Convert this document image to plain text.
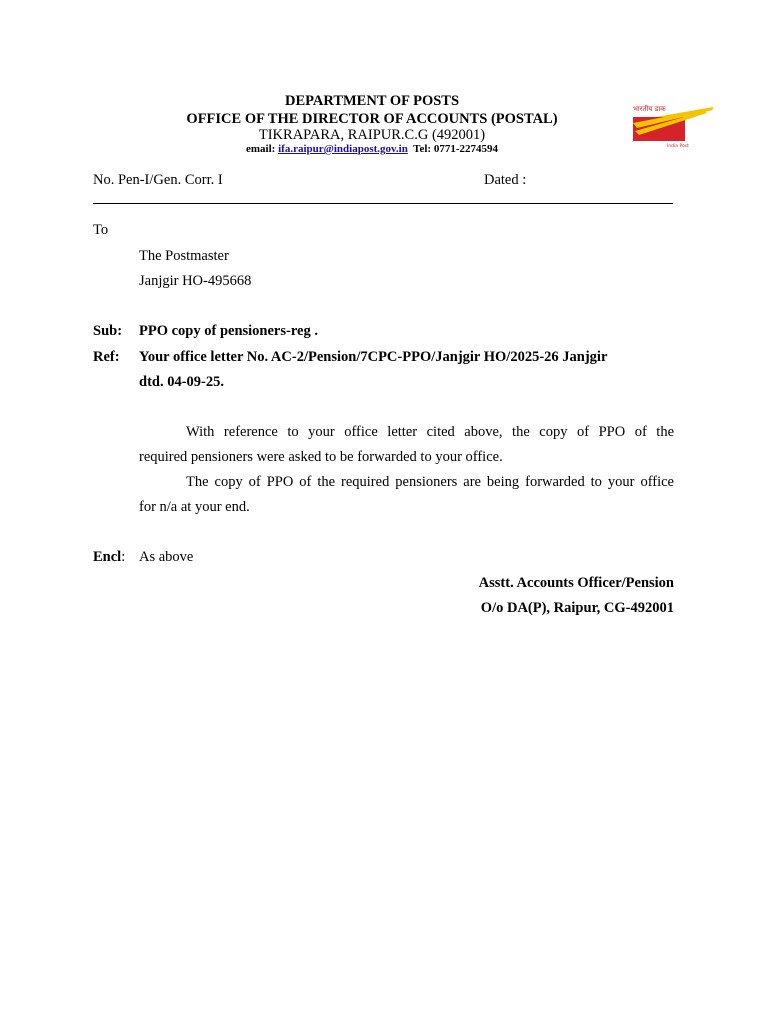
DEPARTMENT OF POSTS
OFFICE OF THE DIRECTOR OF ACCOUNTS (POSTAL)
TIKRAPARA, RAIPUR.C.G (492001)
email: ifa.raipur@indiapost.gov.in Tel: 0771-2274594
भारतीय डाक
India Post
No. Pen-I/Gen. Corr. I	Dated :
To
The Postmaster
Janjgir HO-495668
Sub: PPO copy of pensioners-reg .
Ref: Your office letter No. AC-2/Pension/7CPC-PPO/Janjgir HO/2025-26 Janjgir
dtd. 04-09-25.
With reference to your office letter cited above, the copy of PPO of the
required pensioners were asked to be forwarded to your office.
The copy of PPO of the required pensioners are being forwarded to your office
for n/a at your end.
Encl: As above
Asstt. Accounts Officer/Pension
O/o DA(P), Raipur, CG-492001
